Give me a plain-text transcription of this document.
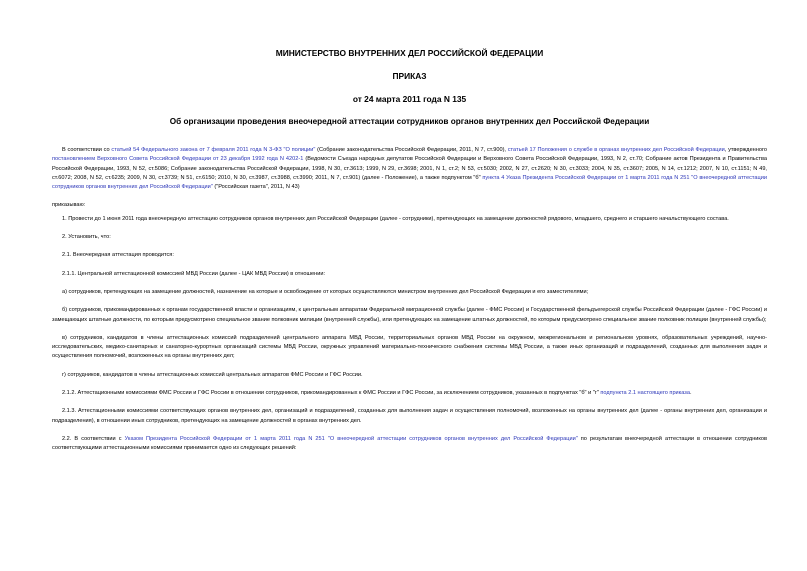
МИНИСТЕРСТВО ВНУТРЕННИХ ДЕЛ РОССИЙСКОЙ ФЕДЕРАЦИИ

ПРИКАЗ

от 24 марта 2011 года N 135

Об организации проведения внеочередной аттестации сотрудников органов внутренних дел Российской Федерации

В соответствии со статьей 54 Федерального закона от 7 февраля 2011 года N 3-ФЗ "О полиции" (Собрание законодательства Российской Федерации, 2011, N 7, ст.900), статьей 17 Положения о службе в органах внутренних дел Российской Федерации, утвержденного постановлением Верховного Совета Российской Федерации от 23 декабря 1992 года N 4202-1 (Ведомости Съезда народных депутатов Российской Федерации и Верховного Совета Российской Федерации, 1993, N 2, ст.70; Собрание актов Президента и Правительства Российской Федерации, 1993, N 52, ст.5086; Собрание законодательства Российской Федерации, 1998, N 30, ст.3613; 1999, N 29, ст.3698; 2001, N 1, ст.2; N 53, ст.5030; 2002, N 27, ст.2620; N 30, ст.3033; 2004, N 35, ст.3607; 2005, N 14, ст.1212; 2007, N 10, ст.1151; N 49, ст.6072; 2008, N 52, ст.6235; 2009, N 30, ст.3739; N 51, ст.6150; 2010, N 30, ст.3987, ст.3988, ст.3990; 2011, N 7, ст.901) (далее - Положение), а также подпунктом "б" пункта 4 Указа Президента Российской Федерации от 1 марта 2011 года N 251 "О внеочередной аттестации сотрудников органов внутренних дел Российской Федерации" ("Российская газета", 2011, N 43)

приказываю:

1. Провести до 1 июня 2011 года внеочередную аттестацию сотрудников органов внутренних дел Российской Федерации (далее - сотрудники), претендующих на замещение должностей рядового, младшего, среднего и старшего начальствующего состава.

2. Установить, что:

2.1. Внеочередная аттестация проводится:

2.1.1. Центральной аттестационной комиссией МВД России (далее - ЦАК МВД России) в отношении:

а) сотрудников, претендующих на замещение должностей, назначение на которые и освобождение от которых осуществляются министром внутренних дел Российской Федерации и его заместителями;

б) сотрудников, прикомандированных к органам государственной власти и организациям, к центральным аппаратам Федеральной миграционной службы (далее - ФМС России) и Государственной фельдъегерской службы Российской Федерации (далее - ГФС России) и замещающих штатные должности, по которым предусмотрено специальное звание полковник милиции (внутренней службы), или претендующих на замещение штатных должностей, по которым предусмотрено специальное звание полковник полиции (внутренней службы);

в) сотрудников, кандидатов в члены аттестационных комиссий подразделений центрального аппарата МВД России, территориальных органов МВД России на окружном, межрегиональном и региональном уровнях, образовательных учреждений, научно-исследовательских, медико-санитарных и санаторно-курортных организаций системы МВД России, окружных управлений материально-технического снабжения системы МВД России, а также иных организаций и подразделений, созданных для выполнения задач и осуществления полномочий, возложенных на органы внутренних дел;

г) сотрудников, кандидатов в члены аттестационных комиссий центральных аппаратов ФМС России и ГФС России.

2.1.2. Аттестационными комиссиями ФМС России и ГФС России в отношении сотрудников, прикомандированных к ФМС России и ГФС России, за исключением сотрудников, указанных в подпунктах "б" и "г" подпункта 2.1 настоящего приказа.

2.1.3. Аттестационными комиссиями соответствующих органов внутренних дел, организаций и подразделений, созданных для выполнения задач и осуществления полномочий, возложенных на органы внутренних дел (далее - органы внутренних дел, организации и подразделения), в отношении иных сотрудников, претендующих на замещение должностей в органах внутренних дел.

2.2. В соответствии с Указом Президента Российской Федерации от 1 марта 2011 года N 251 "О внеочередной аттестации сотрудников органов внутренних дел Российской Федерации" по результатам внеочередной аттестации в отношении сотрудников соответствующими аттестационными комиссиями принимается одно из следующих решений:
